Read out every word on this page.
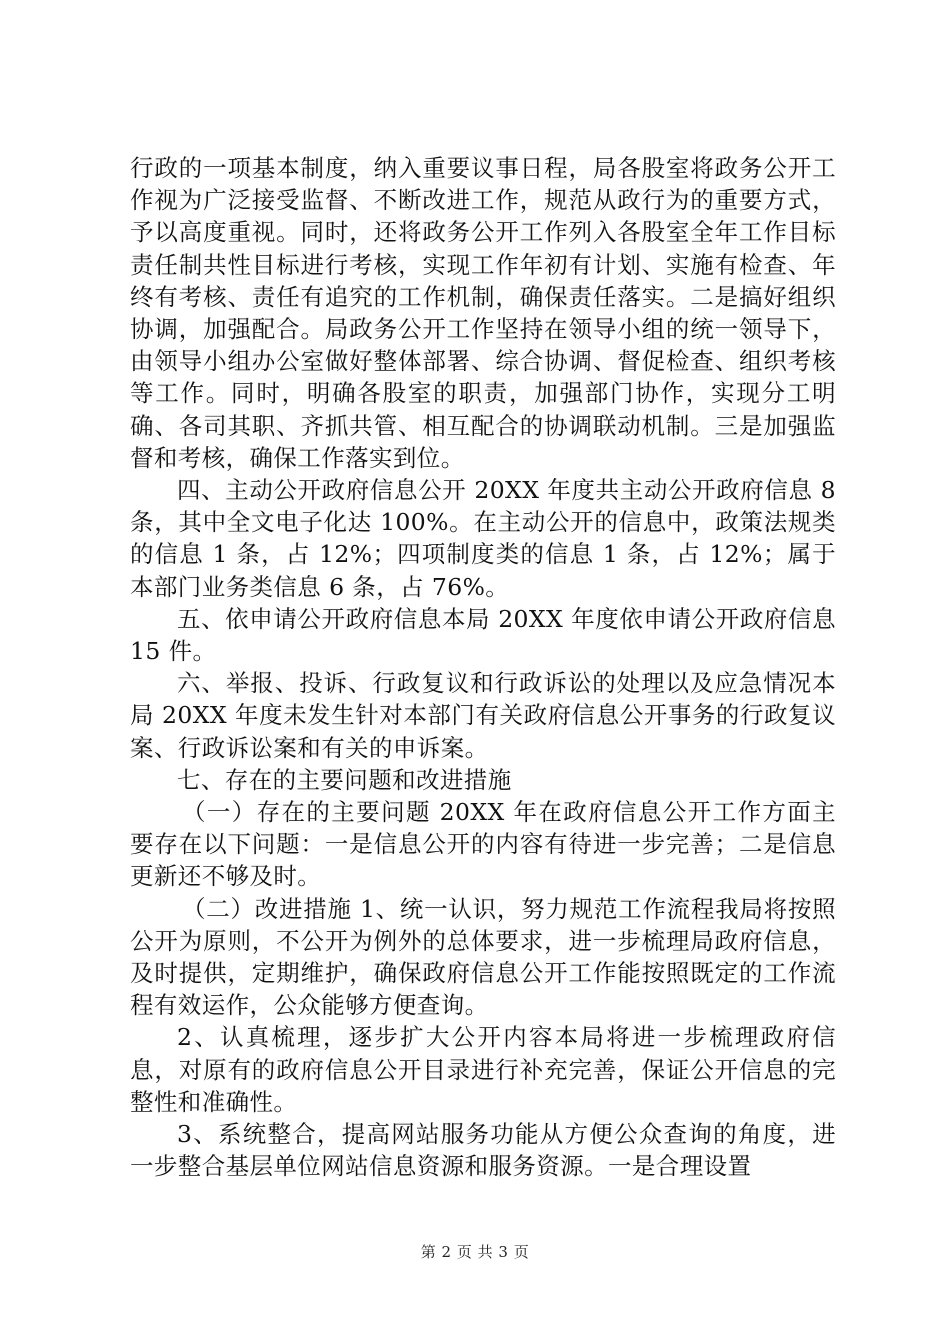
行政的一项基本制度，纳入重要议事日程，局各股室将政务公开工作视为广泛接受监督、不断改进工作，规范从政行为的重要方式，予以高度重视。同时，还将政务公开工作列入各股室全年工作目标责任制共性目标进行考核，实现工作年初有计划、实施有检查、年终有考核、责任有追究的工作机制，确保责任落实。二是搞好组织协调，加强配合。局政务公开工作坚持在领导小组的统一领导下，由领导小组办公室做好整体部署、综合协调、督促检查、组织考核等工作。同时，明确各股室的职责，加强部门协作，实现分工明确、各司其职、齐抓共管、相互配合的协调联动机制。三是加强监督和考核，确保工作落实到位。

四、主动公开政府信息公开 20XX 年度共主动公开政府信息 8 条，其中全文电子化达 100%。在主动公开的信息中，政策法规类的信息 1 条，占 12%；四项制度类的信息 1 条，占 12%；属于本部门业务类信息 6 条，占 76%。

五、依申请公开政府信息本局 20XX 年度依申请公开政府信息 15 件。

六、举报、投诉、行政复议和行政诉讼的处理以及应急情况本局 20XX 年度未发生针对本部门有关政府信息公开事务的行政复议案、行政诉讼案和有关的申诉案。

七、存在的主要问题和改进措施

（一）存在的主要问题 20XX 年在政府信息公开工作方面主要存在以下问题：一是信息公开的内容有待进一步完善；二是信息更新还不够及时。

（二）改进措施 1、统一认识，努力规范工作流程我局将按照公开为原则，不公开为例外的总体要求，进一步梳理局政府信息，及时提供，定期维护，确保政府信息公开工作能按照既定的工作流程有效运作，公众能够方便查询。

2、认真梳理，逐步扩大公开内容本局将进一步梳理政府信息，对原有的政府信息公开目录进行补充完善，保证公开信息的完整性和准确性。

3、系统整合，提高网站服务功能从方便公众查询的角度，进一步整合基层单位网站信息资源和服务资源。一是合理设置

第 2 页 共 3 页
